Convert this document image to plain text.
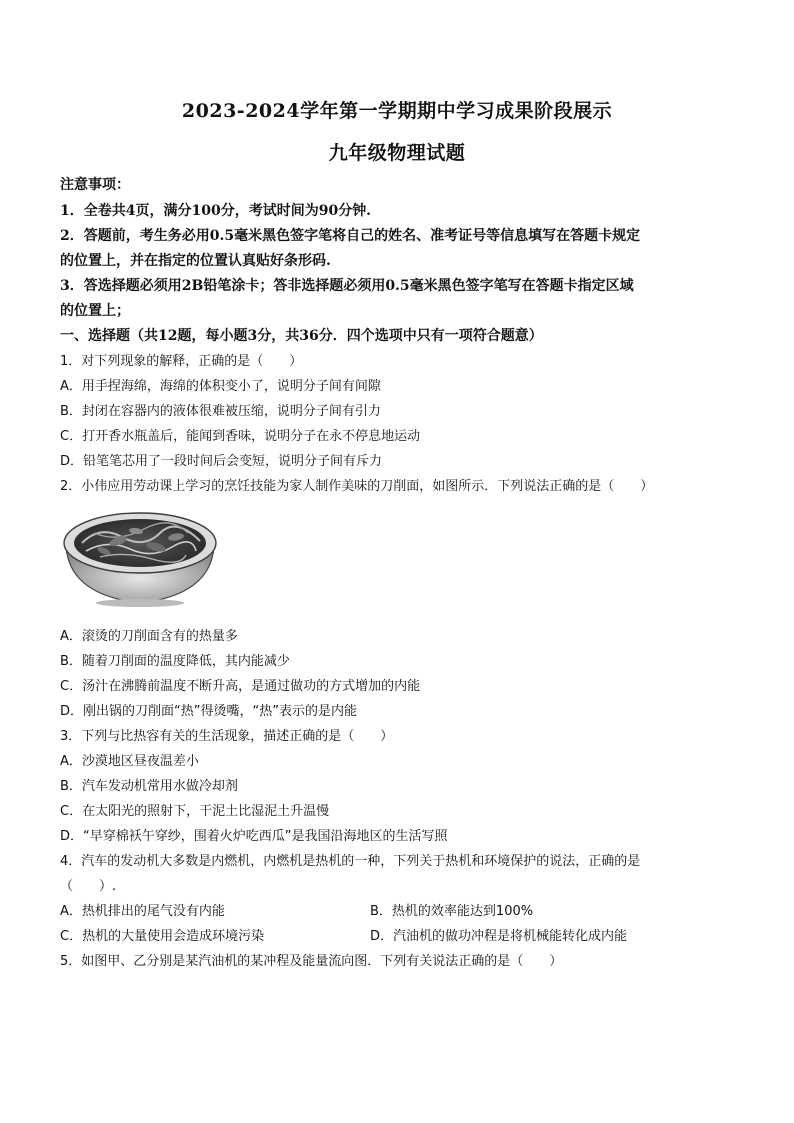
2023-2024学年第一学期期中学习成果阶段展示
九年级物理试题
注意事项：
1．全卷共4页，满分100分，考试时间为90分钟.
2．答题前，考生务必用0.5毫米黑色签字笔将自己的姓名、准考证号等信息填写在答题卡规定
的位置上，并在指定的位置认真贴好条形码.
3．答选择题必须用2B铅笔涂卡；答非选择题必须用0.5毫米黑色签字笔写在答题卡指定区域
的位置上；
一、选择题（共12题，每小题3分，共36分．四个选项中只有一项符合题意）
1．对下列现象的解释，正确的是（　　）
A．用手捏海绵，海绵的体积变小了，说明分子间有间隙
B．封闭在容器内的液体很难被压缩，说明分子间有引力
C．打开香水瓶盖后，能闻到香味，说明分子在永不停息地运动
D．铅笔笔芯用了一段时间后会变短，说明分子间有斥力
2．小伟应用劳动课上学习的烹饪技能为家人制作美味的刀削面，如图所示．下列说法正确的是（　　）
A．滚烫的刀削面含有的热量多
B．随着刀削面的温度降低，其内能减少
C．汤汁在沸腾前温度不断升高，是通过做功的方式增加的内能
D．刚出锅的刀削面“热”得烫嘴，“热”表示的是内能
3．下列与比热容有关的生活现象，描述正确的是（　　）
A．沙漠地区昼夜温差小
B．汽车发动机常用水做冷却剂
C．在太阳光的照射下，干泥土比湿泥土升温慢
D．“早穿棉袄午穿纱，围着火炉吃西瓜”是我国沿海地区的生活写照
4．汽车的发动机大多数是内燃机，内燃机是热机的一种，下列关于热机和环境保护的说法，正确的是
（　　）.
A．热机排出的尾气没有内能	B．热机的效率能达到100%
C．热机的大量使用会造成环境污染	D．汽油机的做功冲程是将机械能转化成内能
5．如图甲、乙分别是某汽油机的某冲程及能量流向图．下列有关说法正确的是（　　）
